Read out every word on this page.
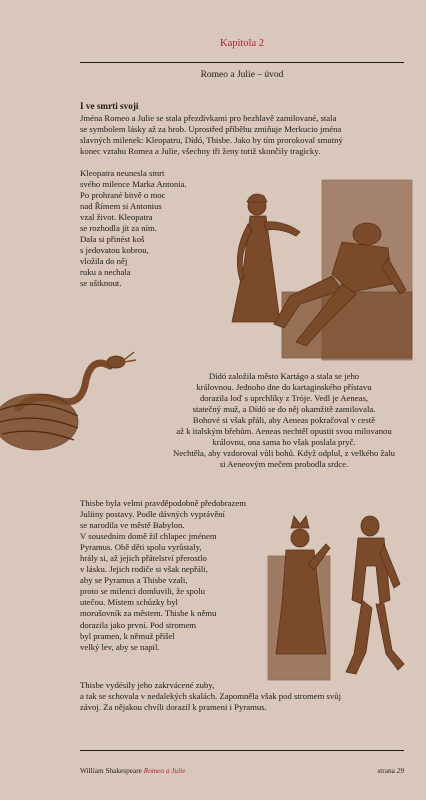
Kapitola 2
Romeo a Julie – úvod
I ve smrti svoji
Jména Romeo a Julie se stala přezdívkami pro bezhlavě zamilované, stala
se symbolem lásky až za hrob. Uprostřed příběhu zmiňuje Merkucio jména
slavných milenek: Kleopatru, Dídó, Thisbe. Jako by tím prorokoval smutný
konec vztahu Romea a Julie, všechny tři ženy totiž skončily tragicky.
Kleopatra neunesla smrt
svého milence Marka Antonia.
Po prohrané bitvě o moc
nad Římem si Antonius
vzal život. Kleopatra
se rozhodla jít za ním.
Dala si přinést koš
s jedovatou kobrou,
vložila do něj
ruku a nechala
se uštknout.
Dídó založila město Kartágo a stala se jeho
královnou. Jednoho dne do kartaginského přístavu
dorazila loď s uprchlíky z Tróje. Vedl je Aeneas,
statečný muž, a Dídó se do něj okamžitě zamilovala.
Bohové si však přáli, aby Aeneas pokračoval v cestě
až k italským břehům. Aeneas nechtěl opustit svou milovanou
královnu, ona sama ho však poslala pryč.
Nechtěla, aby vzdoroval vůli bohů. Když odplul, z velkého žalu
si Aeneovým mečem probodla srdce.
Thisbe byla velmi pravděpodobně předobrazem
Juliiny postavy. Podle dávných vyprávění
se narodila ve městě Babylon.
V sousedním domě žil chlapec jménem
Pyramus. Obě děti spolu vyrůstaly,
hrály si, až jejich přátelství přerostlo
v lásku. Jejich rodiče si však nepřáli,
aby se Pyramus a Thisbe vzali,
proto se milenci domluvili, že spolu
utečou. Místem schůzky byl
morušovník za městem. Thisbe k němu
dorazila jako první. Pod stromem
byl pramen, k němuž přišel
velký lev, aby se napil.
Thisbe vydésily jeho zakrvácené zuby,
a tak se schovala v nedalekých skalách. Zapomněla však pod stromem svůj
závoj. Za nějakou chvíli dorazil k prameni i Pyramus.
William Shakespeare Romeo a Julie	strana 29
